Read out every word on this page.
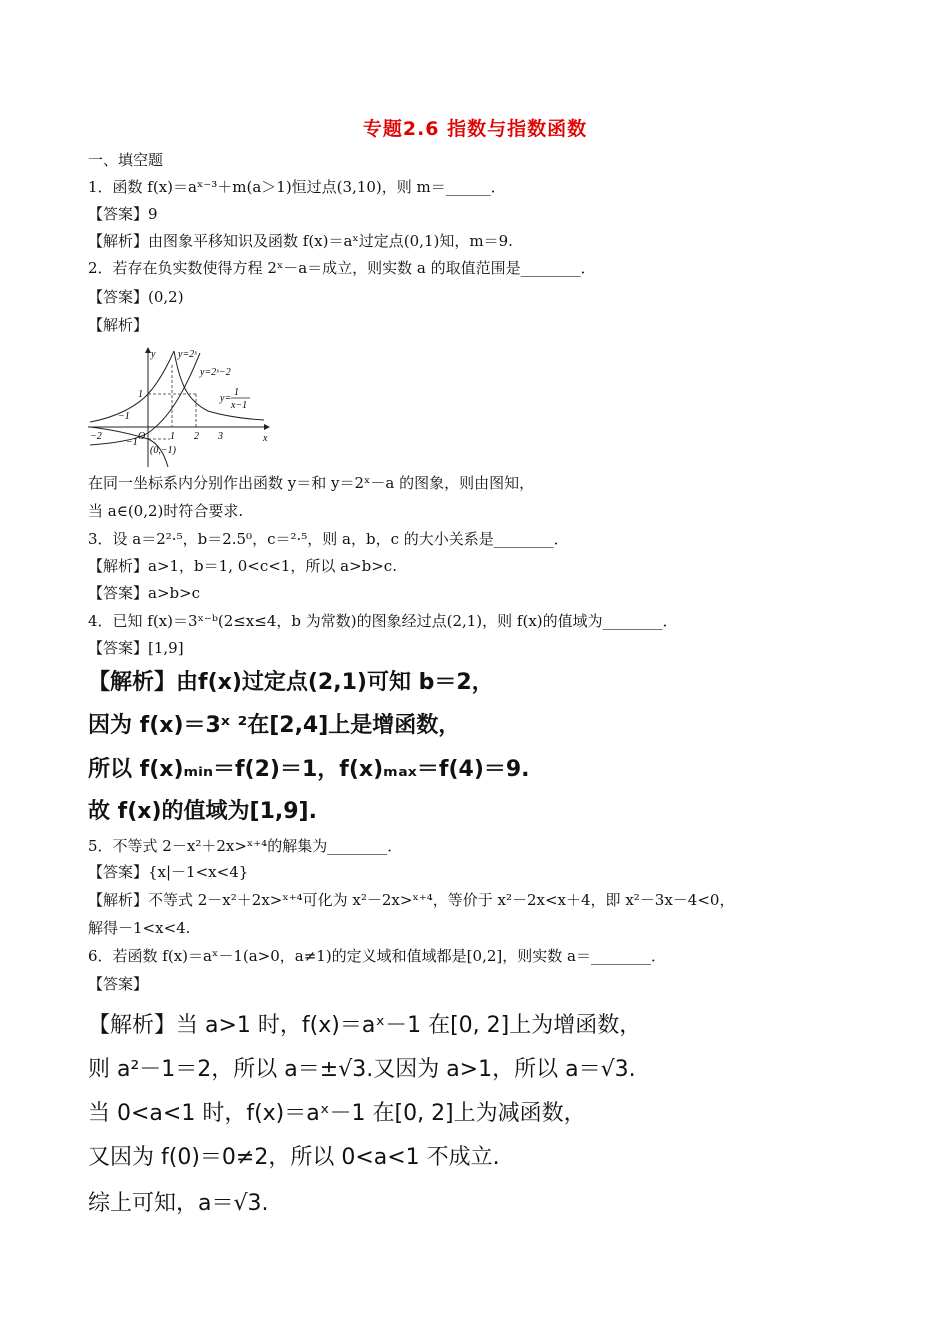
专题2.6 指数与指数函数
一、填空题
1．函数 f(x)＝aˣ⁻³＋m(a＞1)恒过点(3,10)，则 m＝______．
【答案】9
【解析】由图象平移知识及函数 f(x)＝aˣ过定点(0,1)知，m＝9.
2．若存在负实数使得方程 2ˣ－a＝成立，则实数 a 的取值范围是________．
【答案】(0,2)
【解析】
y
x
y=2ˣ
y=2ˣ−2
y=
1
x−1
(0,−1)
O
−2
−1
1 2 3
1
−1
在同一坐标系内分别作出函数 y＝和 y＝2ˣ－a 的图象，则由图知，
当 a∈(0,2)时符合要求.
3．设 a＝2²·⁵，b＝2.5⁰，c＝²·⁵，则 a，b，c 的大小关系是________．
【解析】a>1，b＝1, 0<c<1，所以 a>b>c.
【答案】a>b>c
4．已知 f(x)＝3ˣ⁻ᵇ(2≤x≤4，b 为常数)的图象经过点(2,1)，则 f(x)的值域为________．
【答案】[1,9]
【解析】由f(x)过定点(2,1)可知 b＝2，
因为 f(x)＝3ˣ ²在[2,4]上是增函数，
所以 f(x)ₘᵢₙ＝f(2)＝1，f(x)ₘₐₓ＝f(4)＝9.
故 f(x)的值域为[1,9].
5．不等式 2－x²＋2x>ˣ⁺⁴的解集为________．
【答案】{x|－1<x<4}
【解析】不等式 2－x²＋2x>ˣ⁺⁴可化为 x²－2x>ˣ⁺⁴，等价于 x²－2x<x＋4，即 x²－3x－4<0，
解得－1<x<4.
6．若函数 f(x)＝aˣ－1(a>0，a≠1)的定义域和值域都是[0,2]，则实数 a＝________．
【答案】
【解析】当 a>1 时，f(x)＝aˣ－1 在[0, 2]上为增函数，
则 a²－1＝2，所以 a＝±√3.又因为 a>1，所以 a＝√3.
当 0<a<1 时，f(x)＝aˣ－1 在[0, 2]上为减函数，
又因为 f(0)＝0≠2，所以 0<a<1 不成立.
综上可知，a＝√3.
